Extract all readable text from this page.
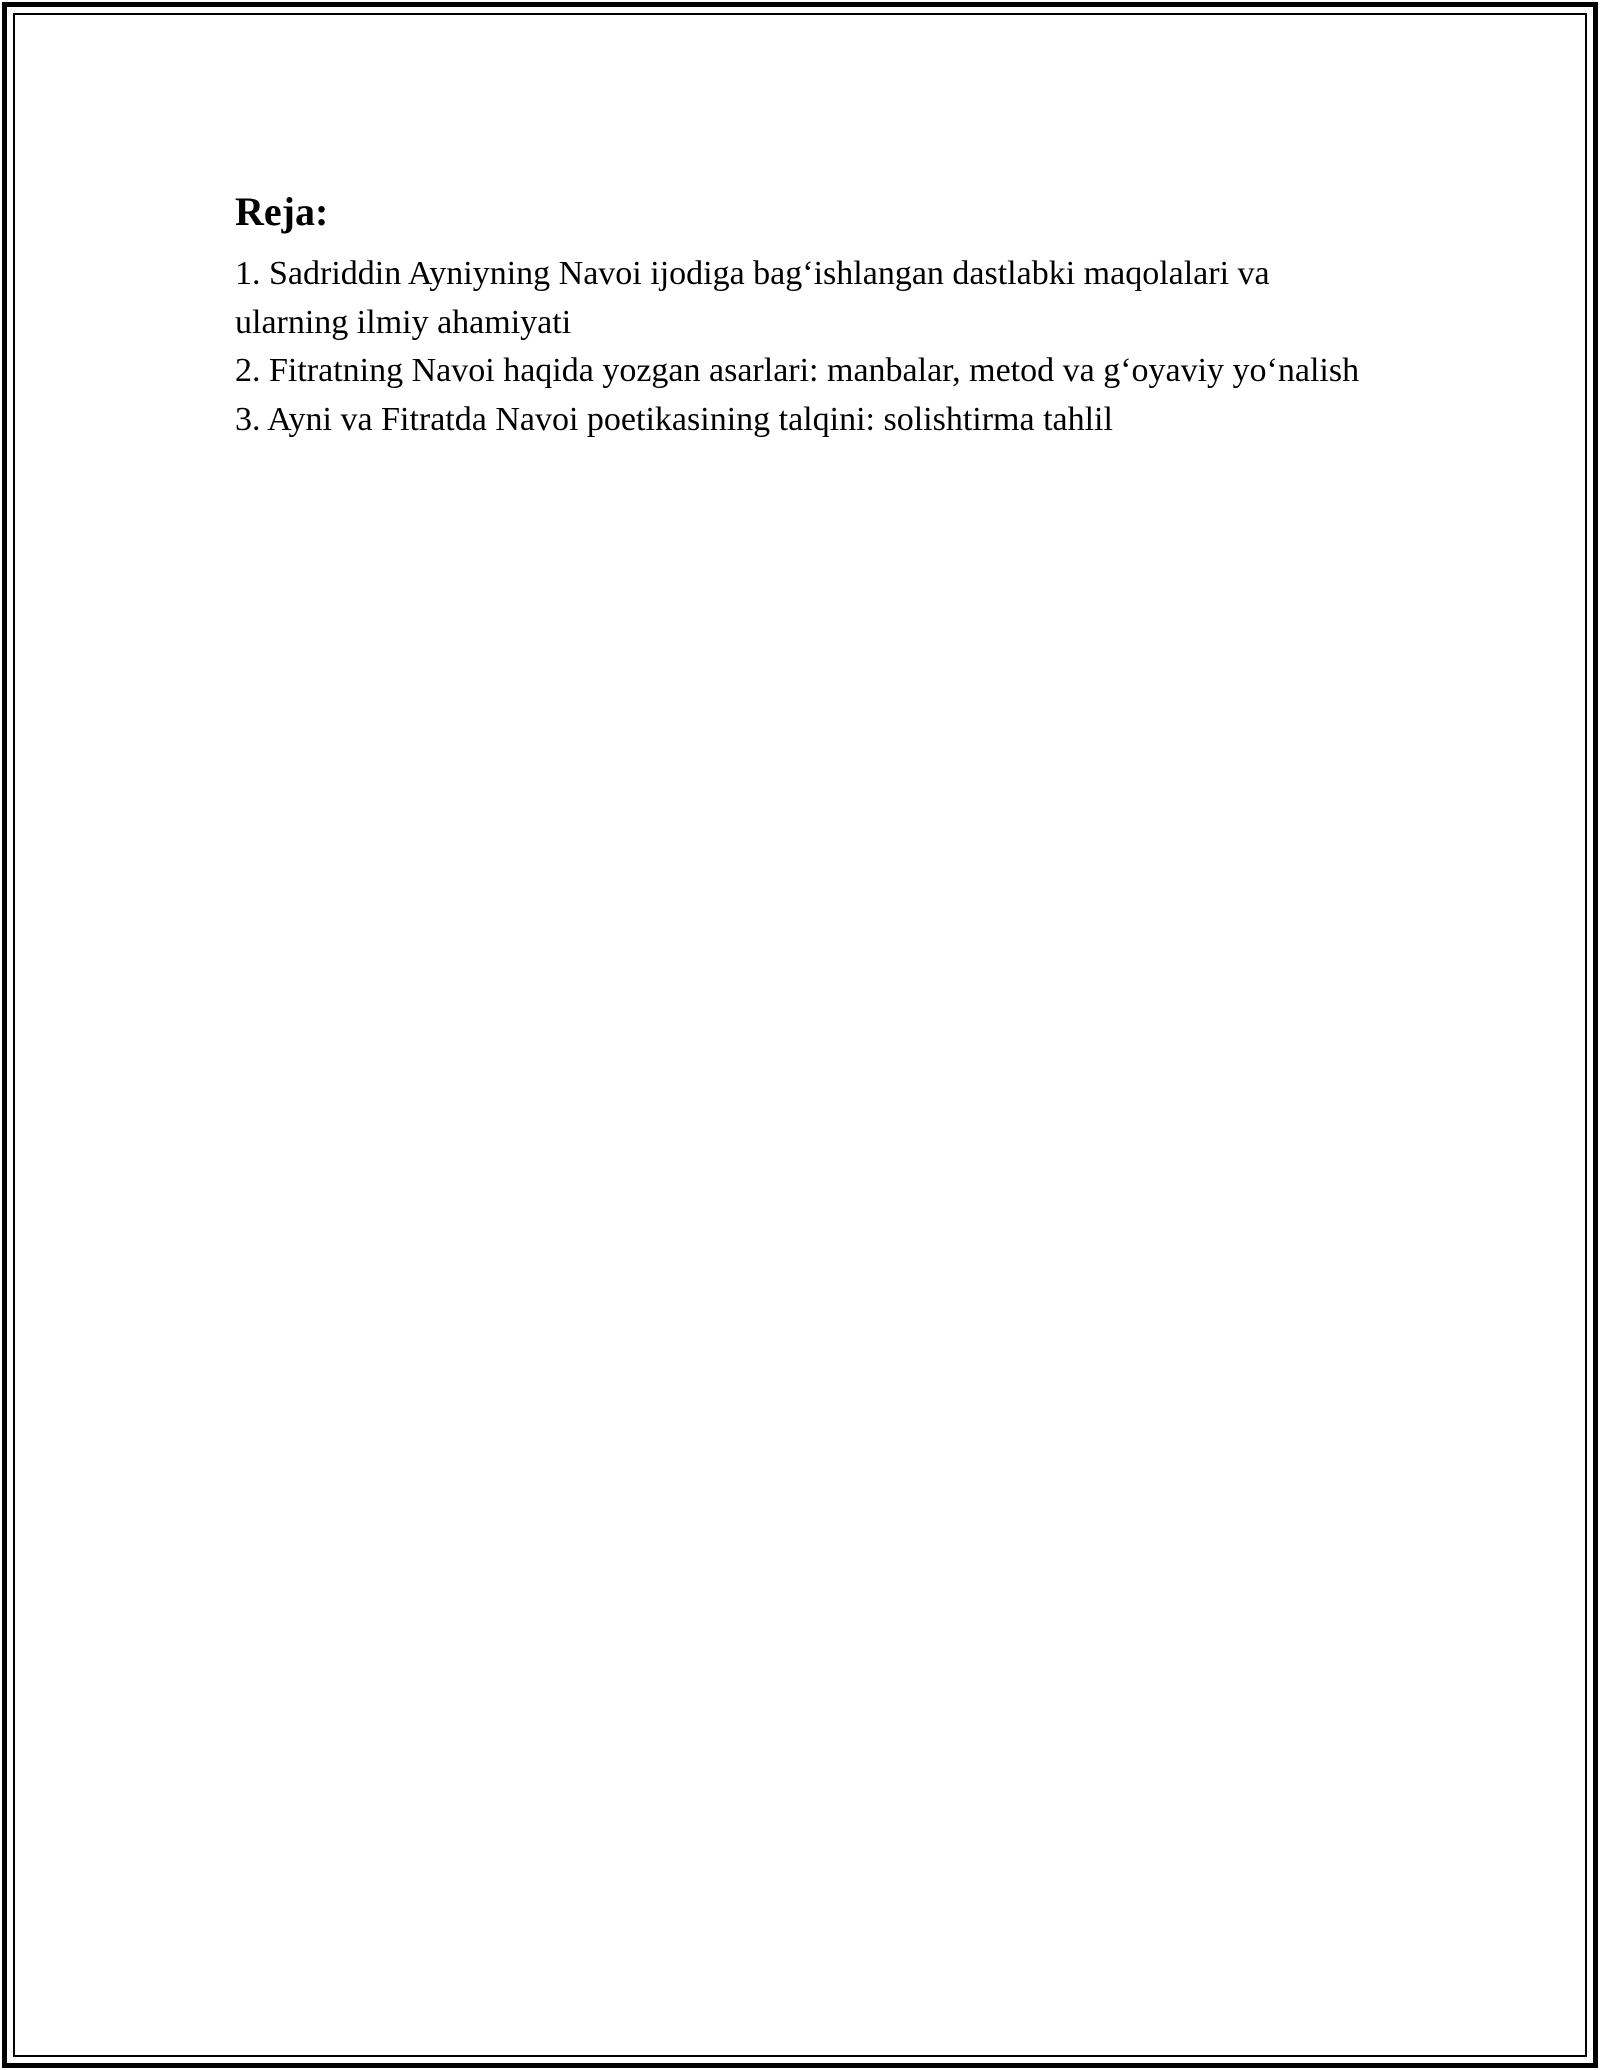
Reja:
1. Sadriddin Ayniyning Navoi ijodiga bag‘ishlangan dastlabki maqolalari va ularning ilmiy ahamiyati
2. Fitratning Navoi haqida yozgan asarlari: manbalar, metod va g‘oyaviy yo‘nalish
3. Ayni va Fitratda Navoi poetikasining talqini: solishtirma tahlil
